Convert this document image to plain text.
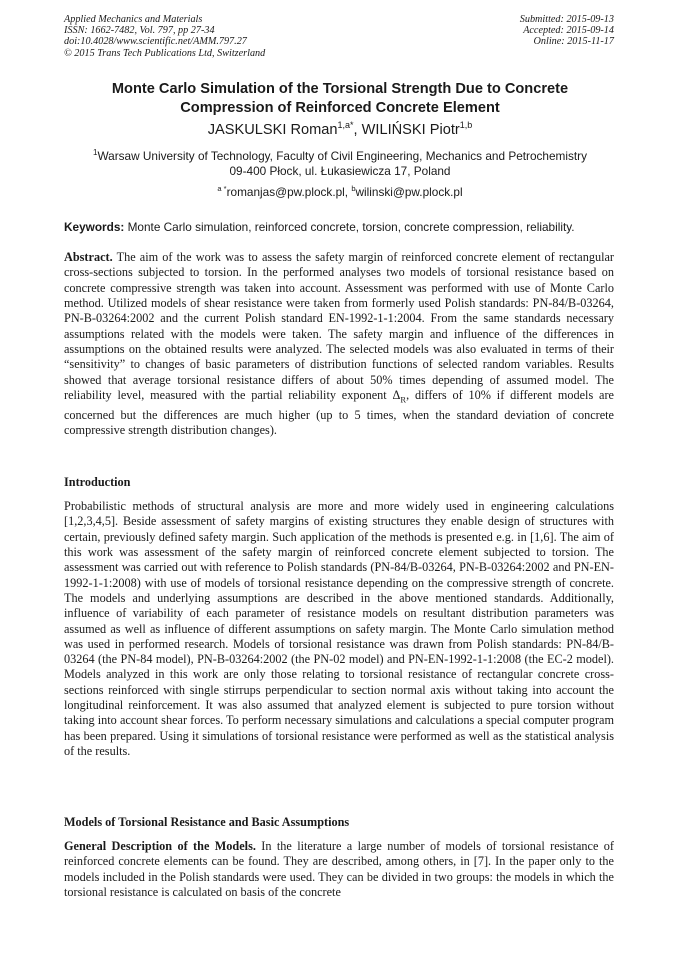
Applied Mechanics and Materials
ISSN: 1662-7482, Vol. 797, pp 27-34
doi:10.4028/www.scientific.net/AMM.797.27
© 2015 Trans Tech Publications Ltd, Switzerland
Submitted: 2015-09-13
Accepted: 2015-09-14
Online: 2015-11-17
Monte Carlo Simulation of the Torsional Strength Due to Concrete
Compression of Reinforced Concrete Element
JASKULSKI Roman$^{1,a*}$, WILIŃSKI Piotr$^{1,b}$
$^1$Warsaw University of Technology, Faculty of Civil Engineering, Mechanics and Petrochemistry
09-400 Płock, ul. Łukasiewicza 17, Poland
$^{a *}$romanjas@pw.plock.pl, $^b$wilinski@pw.plock.pl
Keywords: Monte Carlo simulation, reinforced concrete, torsion, concrete compression, reliability.
Abstract. The aim of the work was to assess the safety margin of reinforced concrete element of rectangular cross-sections subjected to torsion. In the performed analyses two models of torsional resistance based on concrete compressive strength was taken into account. Assessment was performed with use of Monte Carlo method. Utilized models of shear resistance were taken from formerly used Polish standards: PN-84/B-03264, PN-B-03264:2002 and the current Polish standard EN-1992-1-1:2004. From the same standards necessary assumptions related with the models were taken. The safety margin and influence of the differences in assumptions on the obtained results were analyzed. The selected models was also evaluated in terms of their “sensitivity” to changes of basic parameters of distribution functions of selected random variables. Results showed that average torsional resistance differs of about 50% times depending of assumed model. The reliability level, measured with the partial reliability exponent $\Delta_R$, differs of 10% if different models are concerned but the differences are much higher (up to 5 times, when the standard deviation of concrete compressive strength distribution changes).
Introduction
Probabilistic methods of structural analysis are more and more widely used in engineering calculations [1,2,3,4,5]. Beside assessment of safety margins of existing structures they enable design of structures with certain, previously defined safety margin. Such application of the methods is presented e.g. in [1,6]. The aim of this work was assessment of the safety margin of reinforced concrete element subjected to torsion. The assessment was carried out with reference to Polish standards (PN-84/B-03264, PN-B-03264:2002 and PN-EN-1992-1-1:2008) with use of models of torsional resistance depending on the compressive strength of concrete. The models and underlying assumptions are described in the above mentioned standards. Additionally, influence of variability of each parameter of resistance models on resultant distribution parameters was assumed as well as influence of different assumptions on safety margin. The Monte Carlo simulation method was used in performed research. Models of torsional resistance was drawn from Polish standards: PN-84/B-03264 (the PN-84 model), PN-B-03264:2002 (the PN-02 model) and PN-EN-1992-1-1:2008 (the EC-2 model). Models analyzed in this work are only those relating to torsional resistance of rectangular concrete cross-sections reinforced with single stirrups perpendicular to section normal axis without taking into account the longitudinal reinforcement. It was also assumed that analyzed element is subjected to pure torsion without taking into account shear forces. To perform necessary simulations and calculations a special computer program has been prepared. Using it simulations of torsional resistance were performed as well as the statistical analysis of the results.
Models of Torsional Resistance and Basic Assumptions
General Description of the Models. In the literature a large number of models of torsional resistance of reinforced concrete elements can be found. They are described, among others, in [7]. In the paper only to the models included in the Polish standards were used. They can be divided in two groups: the models in which the torsional resistance is calculated on basis of the concrete
